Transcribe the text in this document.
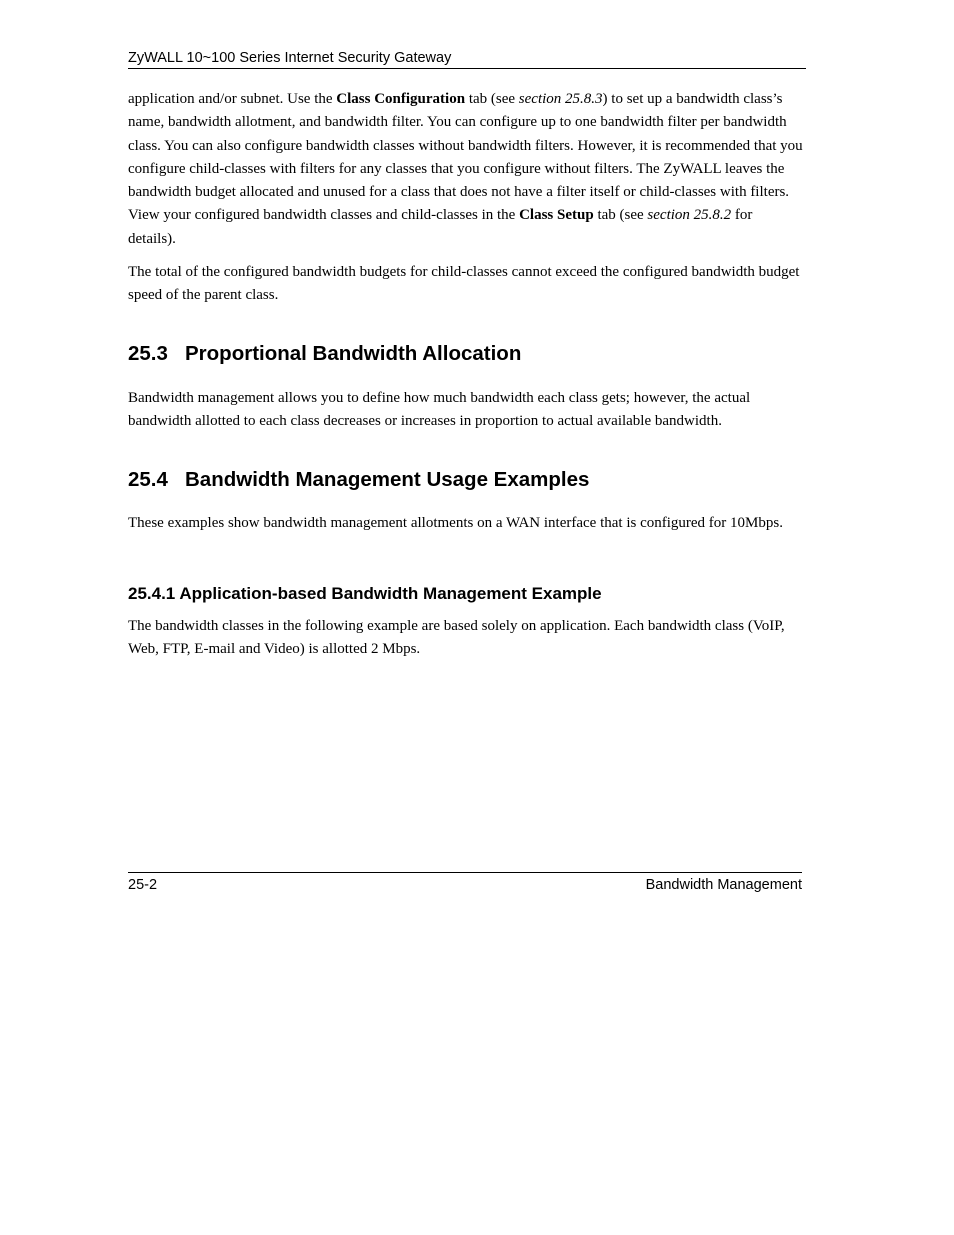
ZyWALL 10~100 Series Internet Security Gateway

application and/or subnet. Use the Class Configuration tab (see section 25.8.3) to set up a bandwidth class’s name, bandwidth allotment, and bandwidth filter. You can configure up to one bandwidth filter per bandwidth class. You can also configure bandwidth classes without bandwidth filters. However, it is recommended that you configure child-classes with filters for any classes that you configure without filters. The ZyWALL leaves the bandwidth budget allocated and unused for a class that does not have a filter itself or child-classes with filters. View your configured bandwidth classes and child-classes in the Class Setup tab (see section 25.8.2 for details).

The total of the configured bandwidth budgets for child-classes cannot exceed the configured bandwidth budget speed of the parent class.

25.3 Proportional Bandwidth Allocation

Bandwidth management allows you to define how much bandwidth each class gets; however, the actual bandwidth allotted to each class decreases or increases in proportion to actual available bandwidth.

25.4 Bandwidth Management Usage Examples

These examples show bandwidth management allotments on a WAN interface that is configured for 10Mbps.

25.4.1 Application-based Bandwidth Management Example

The bandwidth classes in the following example are based solely on application. Each bandwidth class (VoIP, Web, FTP, E-mail and Video) is allotted 2 Mbps.

25-2	Bandwidth Management
